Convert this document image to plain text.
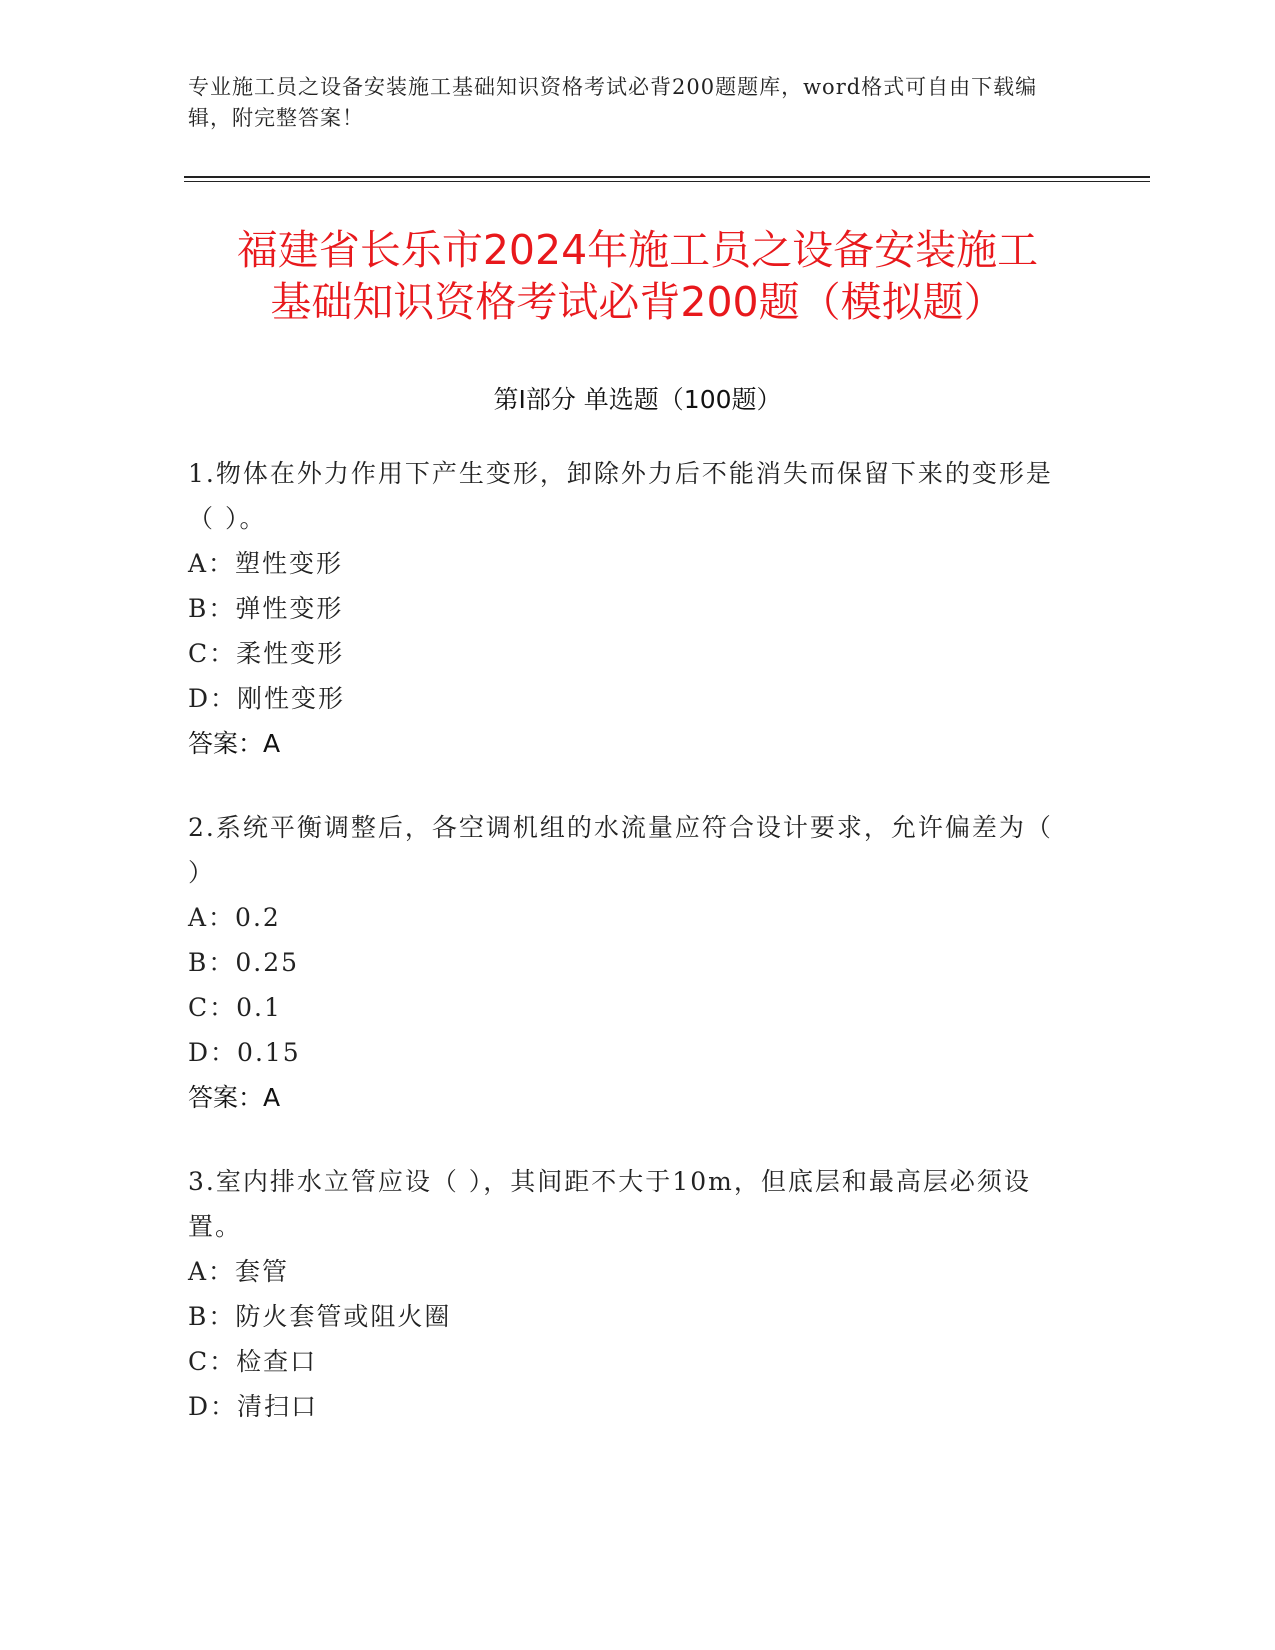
专业施工员之设备安装施工基础知识资格考试必背200题题库，word格式可自由下载编辑，附完整答案！
福建省长乐市2024年施工员之设备安装施工
基础知识资格考试必背200题（模拟题）
第Ⅰ部分 单选题（100题）
1.物体在外力作用下产生变形，卸除外力后不能消失而保留下来的变形是（ ）。
A：塑性变形
B：弹性变形
C：柔性变形
D：刚性变形
答案：A
2.系统平衡调整后，各空调机组的水流量应符合设计要求，允许偏差为（ ）
A：0.2
B：0.25
C：0.1
D：0.15
答案：A
3.室内排水立管应设（ ），其间距不大于10m，但底层和最高层必须设置。
A：套管
B：防火套管或阻火圈
C：检查口
D：清扫口
